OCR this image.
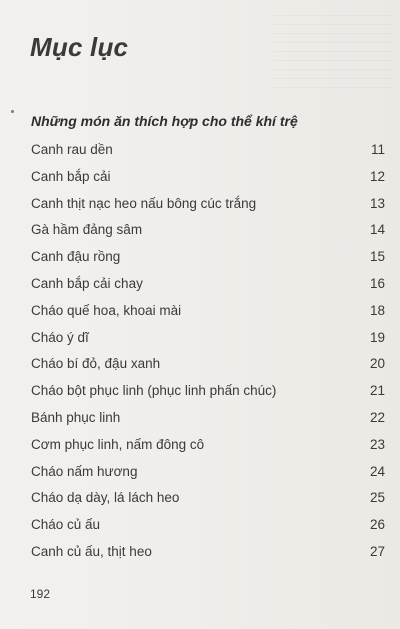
Mục lục
Những món ăn thích hợp cho thể khí trệ
Canh rau dền	11
Canh bắp cải	12
Canh thịt nạc heo nấu bông cúc trắng	13
Gà hầm đảng sâm	14
Canh đậu rồng	15
Canh bắp cải chay	16
Cháo quế hoa, khoai mài	18
Cháo ý dĩ	19
Cháo bí đỏ, đậu xanh	20
Cháo bột phục linh (phục linh phấn chúc)	21
Bánh phục linh	22
Cơm phục linh, nấm đông cô	23
Cháo nấm hương	24
Cháo dạ dày, lá lách heo	25
Cháo củ ấu	26
Canh củ ấu, thịt heo	27
192
